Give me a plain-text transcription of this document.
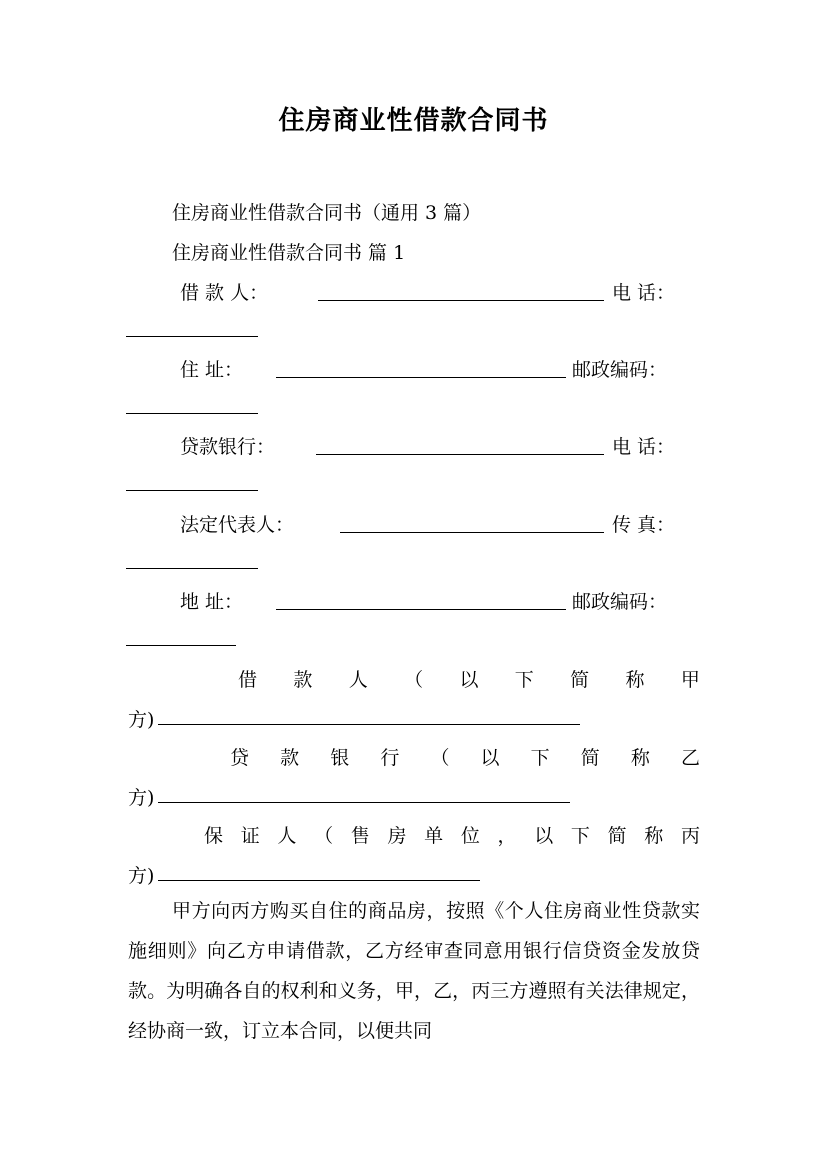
住房商业性借款合同书
住房商业性借款合同书（通用 3 篇）
住房商业性借款合同书 篇 1
借 款 人：	电 话：
住 址：	邮政编码：
贷款银行：	电 话：
法定代表人：	传 真：
地 址：	邮政编码：
借 款 人 （ 以 下 简 称 甲
方)
贷 款 银 行 （ 以 下 简 称 乙
方)
保 证 人 （ 售 房 单 位 ， 以 下 简 称 丙
方)
甲方向丙方购买自住的商品房，按照《个人住房商业性贷款实施细则》向乙方申请借款，乙方经审查同意用银行信贷资金发放贷款。为明确各自的权利和义务，甲，乙，丙三方遵照有关法律规定，经协商一致，订立本合同，以便共同
